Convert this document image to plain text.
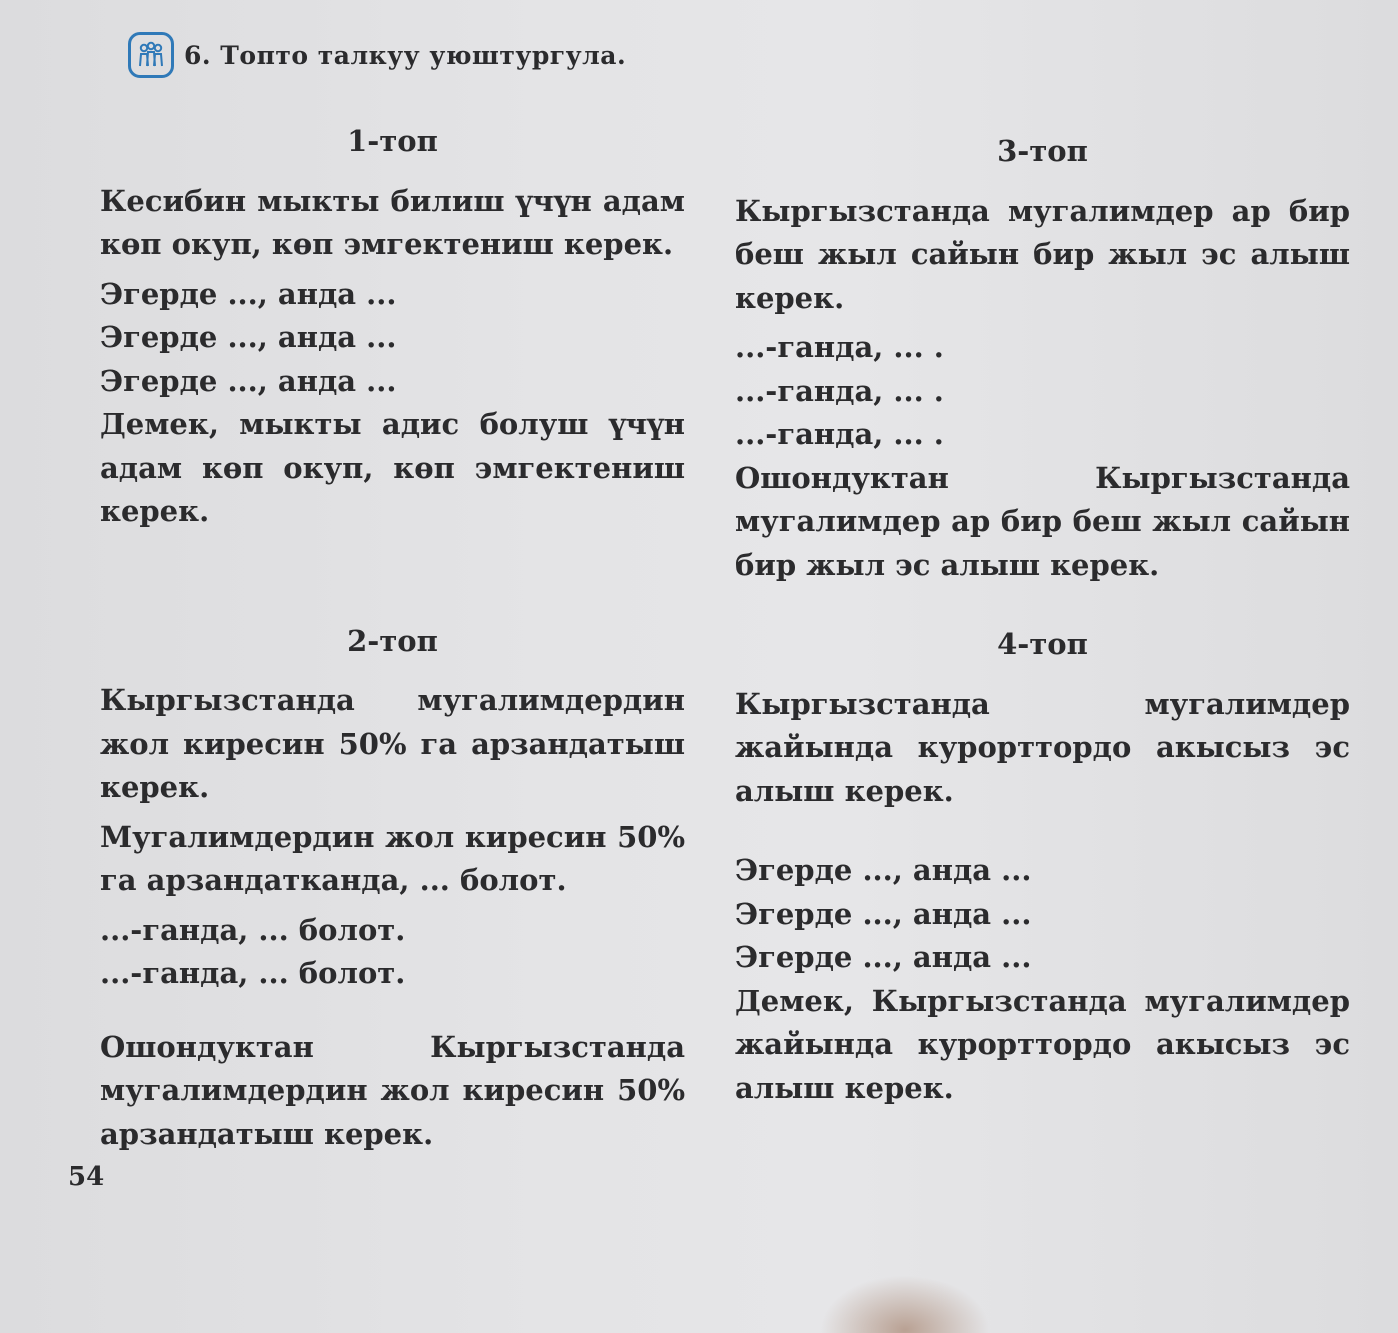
6. Топто талкуу уюштургула.

1-топ

Кесибин мыкты билиш үчүн адам көп окуп, көп эмгектениш керек.

Эгерде ..., анда ...

Эгерде ..., анда ...

Эгерде ..., анда ...

Демек, мыкты адис болуш үчүн адам көп окуп, көп эмгектениш керек.

2-топ

Кыргызстанда мугалимдердин жол киресин 50% га арзандатыш керек.

Мугалимдердин жол киресин 50% га арзандатканда, ... болот.

...-ганда, ... болот.

...-ганда, ... болот.

Ошондуктан Кыргызстанда мугалимдердин жол киресин 50% арзандатыш керек.

3-топ

Кыргызстанда мугалимдер ар бир беш жыл сайын бир жыл эс алыш керек.

...-ганда, ... .

...-ганда, ... .

...-ганда, ... .

Ошондуктан Кыргызстанда мугалимдер ар бир беш жыл сайын бир жыл эс алыш керек.

4-топ

Кыргызстанда мугалимдер жайында курорттордо акысыз эс алыш керек.

Эгерде ..., анда ...

Эгерде ..., анда ...

Эгерде ..., анда ...

Демек, Кыргызстанда мугалимдер жайында курорттордо акысыз эс алыш керек.

54
